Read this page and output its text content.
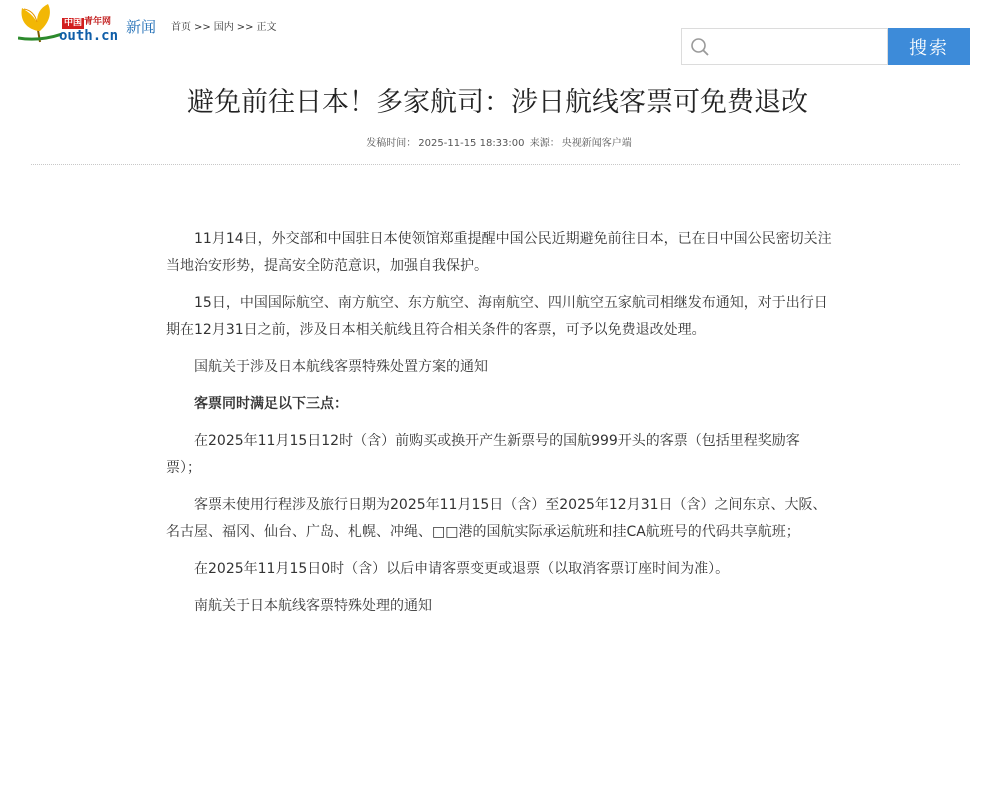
中国 青年网
outh.cn 新闻 首页 >> 国内 >> 正文
搜索
避免前往日本！多家航司：涉日航线客票可免费退改
发稿时间： 2025-11-15 18:33:00 来源： 央视新闻客户端

11月14日，外交部和中国驻日本使领馆郑重提醒中国公民近期避免前往日本，已在日中国公民密切关注当地治安形势，提高安全防范意识，加强自我保护。

15日，中国国际航空、南方航空、东方航空、海南航空、四川航空五家航司相继发布通知，对于出行日期在12月31日之前，涉及日本相关航线且符合相关条件的客票，可予以免费退改处理。

国航关于涉及日本航线客票特殊处置方案的通知

客票同时满足以下三点：

在2025年11月15日12时（含）前购买或换开产生新票号的国航999开头的客票（包括里程奖励客票）；

客票未使用行程涉及旅行日期为2025年11月15日（含）至2025年12月31日（含）之间东京、大阪、名古屋、福冈、仙台、广岛、札幌、冲绳、□□港的国航实际承运航班和挂CA航班号的代码共享航班；

在2025年11月15日0时（含）以后申请客票变更或退票（以取消客票订座时间为准）。

南航关于日本航线客票特殊处理的通知
